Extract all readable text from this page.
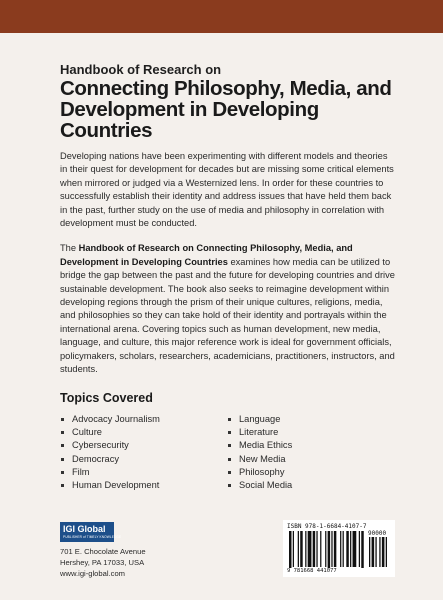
Handbook of Research on

Connecting Philosophy, Media, and
Development in Developing Countries

Developing nations have been experimenting with different models and theories in their quest for development for decades but are missing some critical elements when mirrored or judged via a Westernized lens. In order for these countries to successfully establish their identity and address issues that have held them back in the past, further study on the use of media and philosophy in correlation with development must be conducted.

The Handbook of Research on Connecting Philosophy, Media, and Development in Developing Countries examines how media can be utilized to bridge the gap between the past and the future for developing countries and drive sustainable development. The book also seeks to reimagine development within developing regions through the prism of their unique cultures, religions, media, and philosophies so they can take hold of their identity and portrayals within the international arena. Covering topics such as human development, new media, language, and culture, this major reference work is ideal for government officials, policymakers, scholars, researchers, academicians, practitioners, instructors, and students.

Topics Covered
Advocacy Journalism
Culture
Cybersecurity
Democracy
Film
Human Development
Language
Literature
Media Ethics
New Media
Philosophy
Social Media
IGI Global
PUBLISHER of TIMELY KNOWLEDGE
701 E. Chocolate Avenue
Hershey, PA 17033, USA
www.igi-global.com
ISBN 978-1-6684-4107-7
90000
9 781668 441077
